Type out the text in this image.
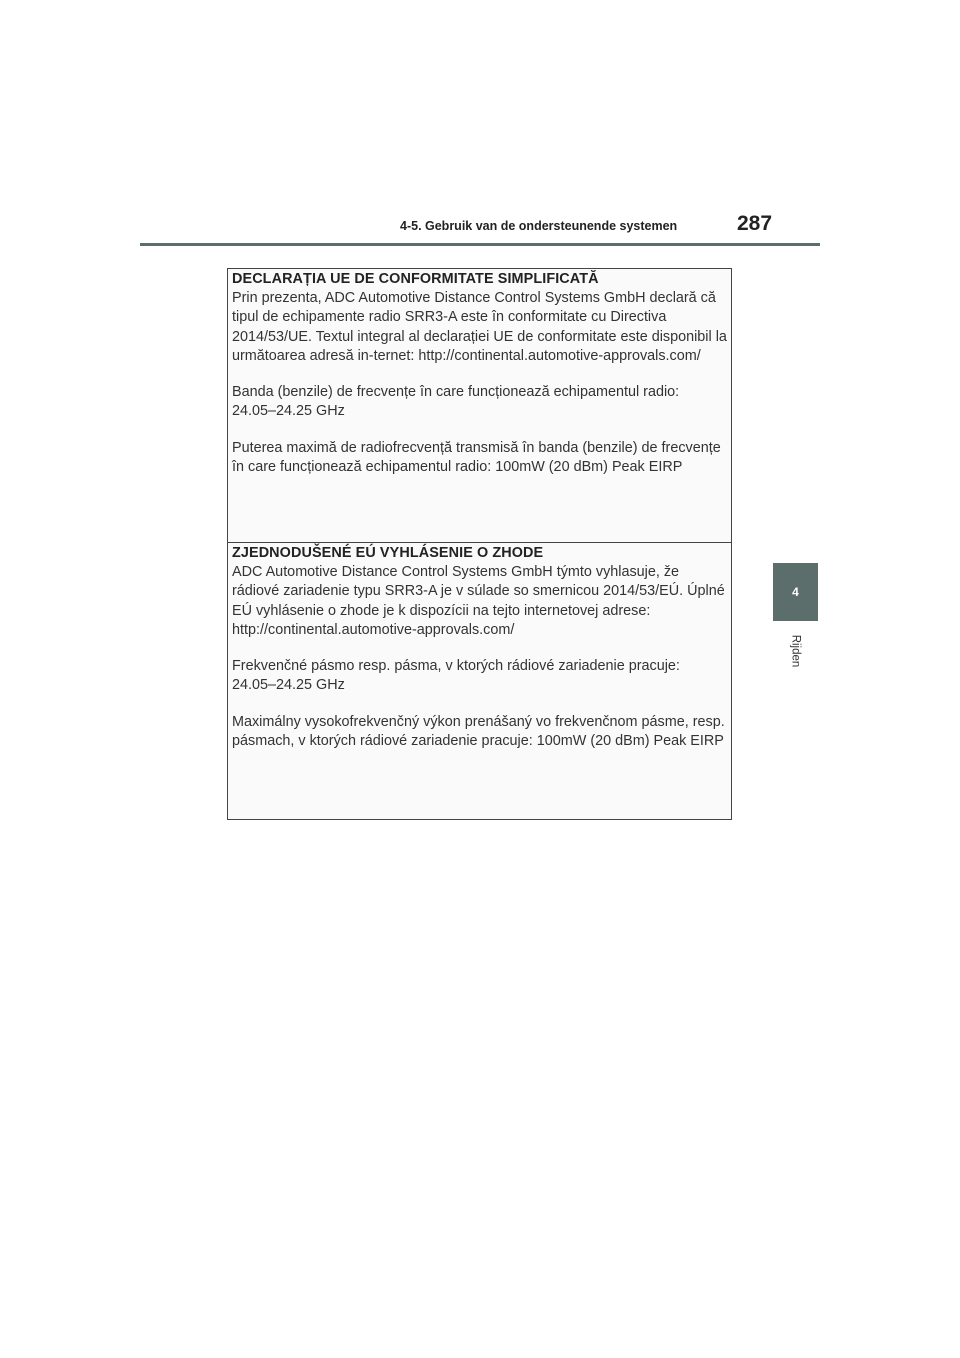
4-5. Gebruik van de ondersteunende systemen	287
4
Rijden
DECLARAȚIA UE DE CONFORMITATE SIMPLIFICATĂ

Prin prezenta, ADC Automotive Distance Control Systems GmbH declară că tipul de echipamente radio SRR3-A este în conformitate cu Directiva 2014/53/UE. Textul integral al declarației UE de conformitate este disponibil la următoarea adresă in-ternet: http://continental.automotive-approvals.com/

Banda (benzile) de frecvențe în care funcționează echipamentul radio: 24.05–24.25 GHz

Puterea maximă de radiofrecvență transmisă în banda (benzile) de frecvențe în care funcționează echipamentul radio: 100mW (20 dBm) Peak EIRP

ZJEDNODUŠENÉ EÚ VYHLÁSENIE O ZHODE

ADC Automotive Distance Control Systems GmbH týmto vyhlasuje, že rádiové zariadenie typu SRR3-A je v súlade so smernicou 2014/53/EÚ. Úplné EÚ vyhlásenie o zhode je k dispozícii na tejto internetovej adrese: http://continental.automotive-approvals.com/

Frekvenčné pásmo resp. pásma, v ktorých rádiové zariadenie pracuje: 24.05–24.25 GHz

Maximálny vysokofrekvenčný výkon prenášaný vo frekvenčnom pásme, resp. pásmach, v ktorých rádiové zariadenie pracuje: 100mW (20 dBm) Peak EIRP
